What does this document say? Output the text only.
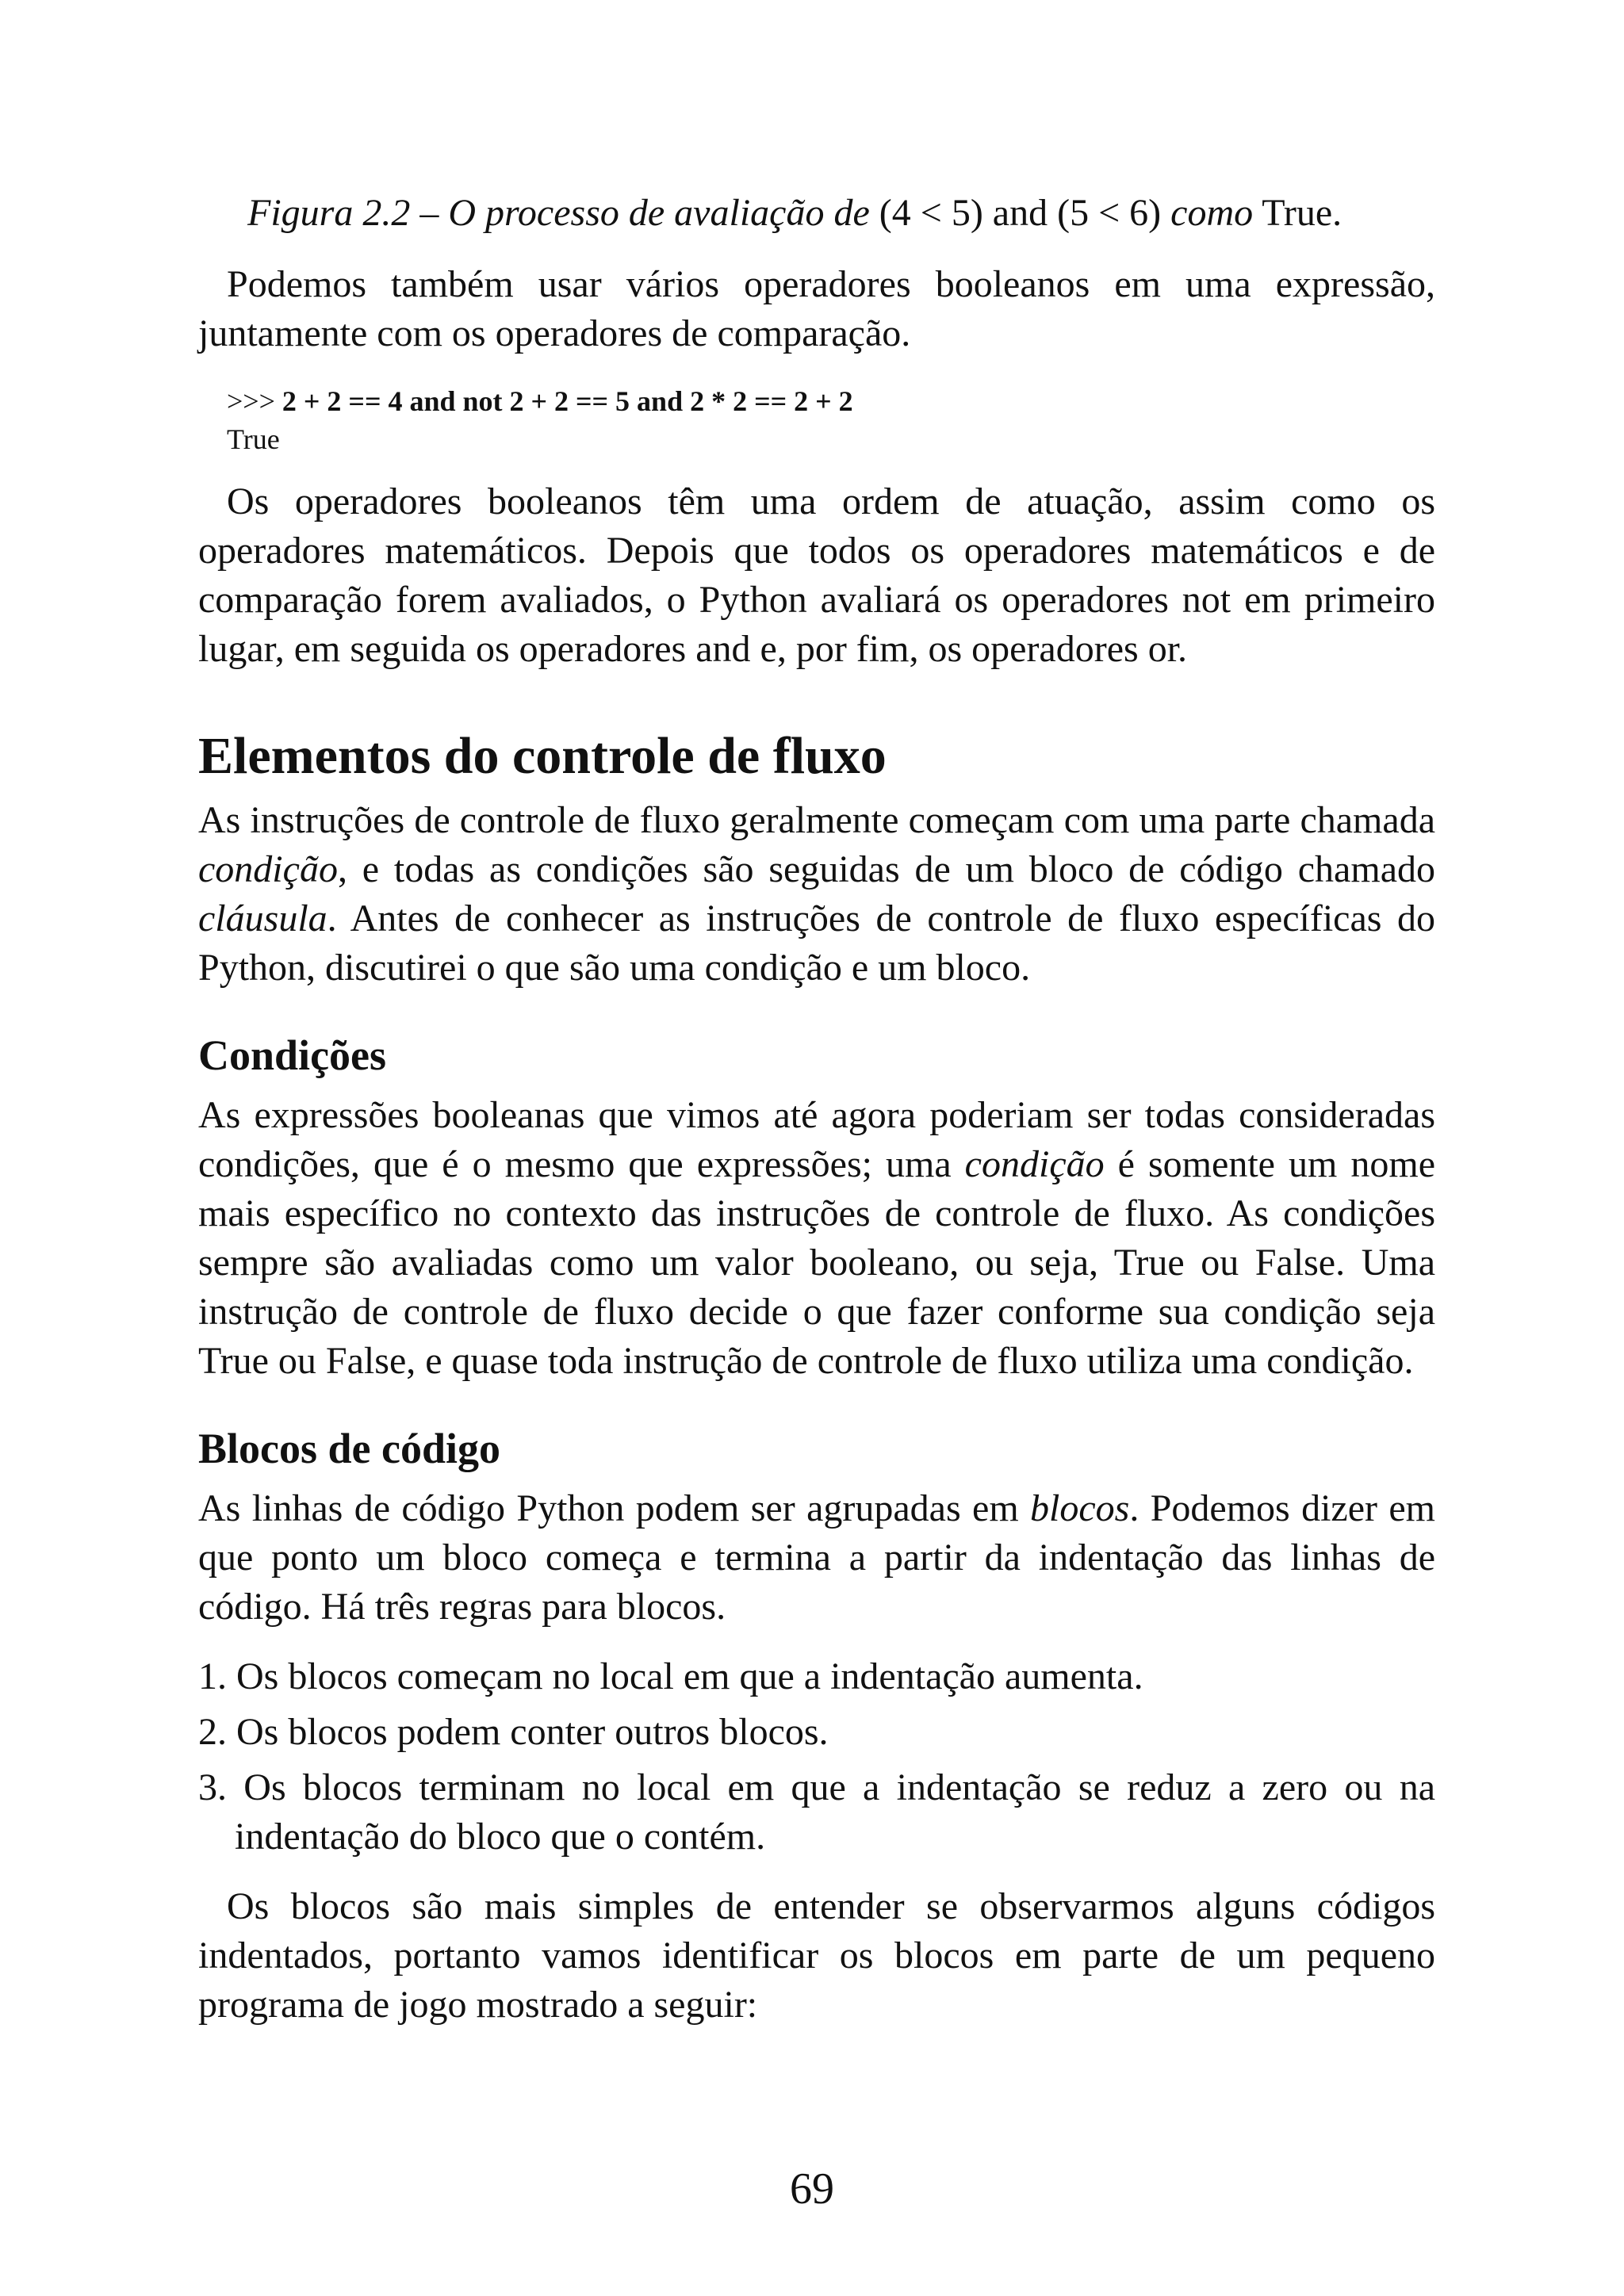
Figura 2.2 – O processo de avaliação de (4 < 5) and (5 < 6) como True.

Podemos também usar vários operadores booleanos em uma expressão, juntamente com os operadores de comparação.

>>> 2 + 2 == 4 and not 2 + 2 == 5 and 2 * 2 == 2 + 2
True

Os operadores booleanos têm uma ordem de atuação, assim como os operadores matemáticos. Depois que todos os operadores matemáticos e de comparação forem avaliados, o Python avaliará os operadores not em primeiro lugar, em seguida os operadores and e, por fim, os operadores or.

Elementos do controle de fluxo

As instruções de controle de fluxo geralmente começam com uma parte chamada condição, e todas as condições são seguidas de um bloco de código chamado cláusula. Antes de conhecer as instruções de controle de fluxo específicas do Python, discutirei o que são uma condição e um bloco.

Condições

As expressões booleanas que vimos até agora poderiam ser todas consideradas condições, que é o mesmo que expressões; uma condição é somente um nome mais específico no contexto das instruções de controle de fluxo. As condições sempre são avaliadas como um valor booleano, ou seja, True ou False. Uma instrução de controle de fluxo decide o que fazer conforme sua condição seja True ou False, e quase toda instrução de controle de fluxo utiliza uma condição.

Blocos de código

As linhas de código Python podem ser agrupadas em blocos. Podemos dizer em que ponto um bloco começa e termina a partir da indentação das linhas de código. Há três regras para blocos.

1. Os blocos começam no local em que a indentação aumenta.
2. Os blocos podem conter outros blocos.
3. Os blocos terminam no local em que a indentação se reduz a zero ou na indentação do bloco que o contém.

Os blocos são mais simples de entender se observarmos alguns códigos indentados, portanto vamos identificar os blocos em parte de um pequeno programa de jogo mostrado a seguir:

69
